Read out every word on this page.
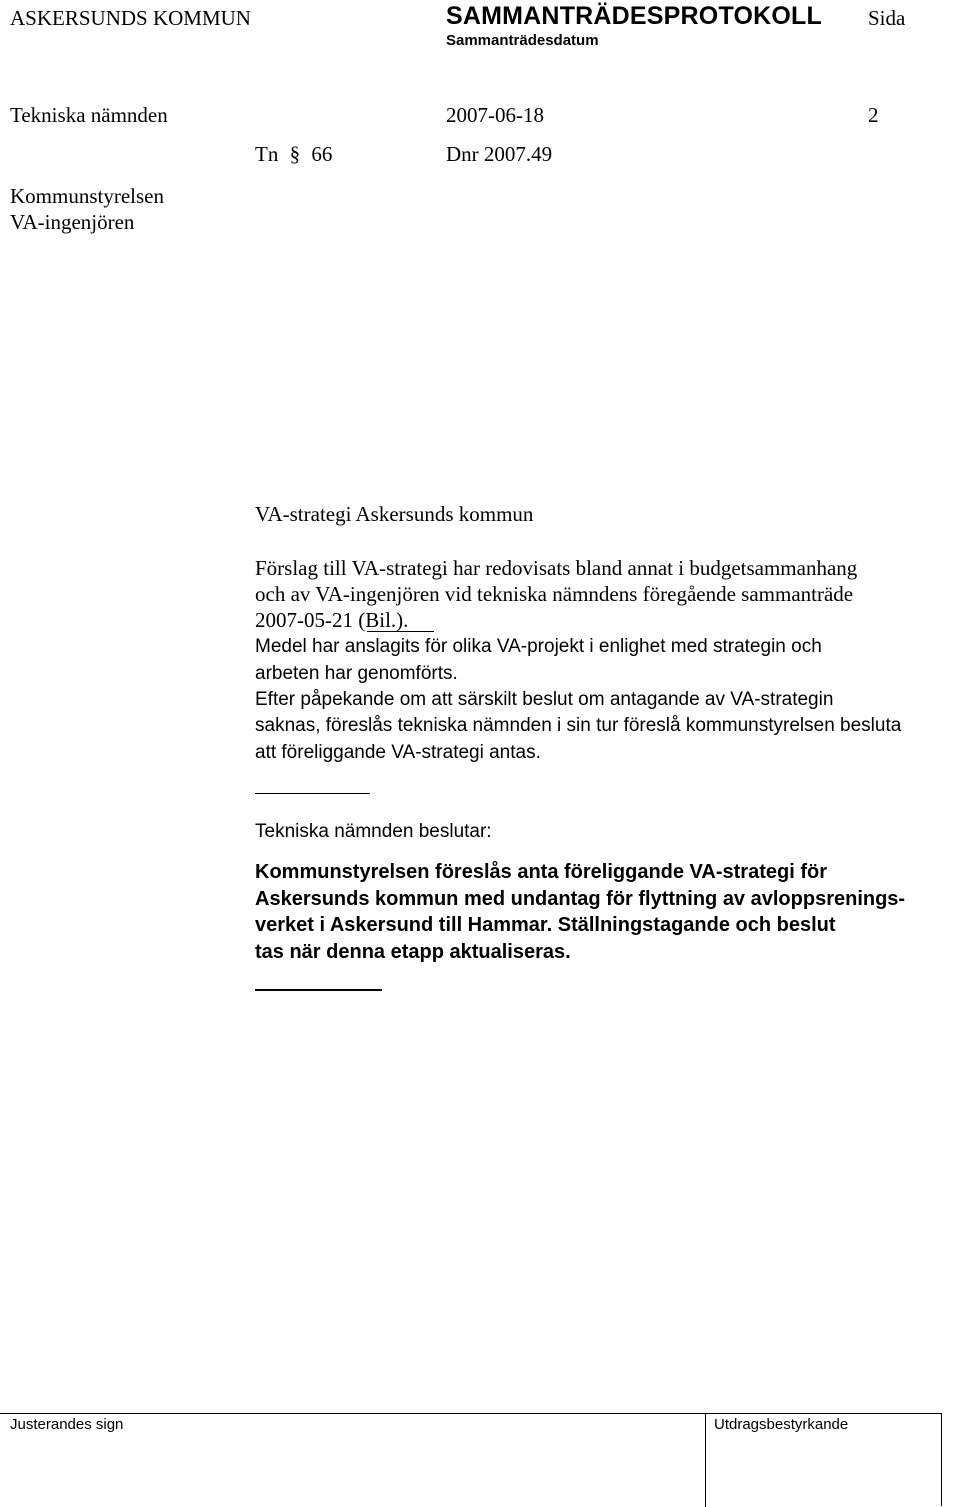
ASKERSUNDS KOMMUN	SAMMANTRÄDESPROTOKOLL Sida
Sammanträdesdatum
Tekniska nämnden	2007-06-18	2
Tn § 66	Dnr 2007.49
Kommunstyrelsen
VA-ingenjören
VA-strategi Askersunds kommun
Förslag till VA-strategi har redovisats bland annat i budgetsammanhang
och av VA-ingenjören vid tekniska nämndens föregående sammanträde
2007-05-21 (Bil.).
Medel har anslagits för olika VA-projekt i enlighet med strategin och
arbeten har genomförts.
Efter påpekande om att särskilt beslut om antagande av VA-strategin
saknas, föreslås tekniska nämnden i sin tur föreslå kommunstyrelsen besluta
att föreliggande VA-strategi antas.
Tekniska nämnden beslutar:
Kommunstyrelsen föreslås anta föreliggande VA-strategi för
Askersunds kommun med undantag för flyttning av avloppsrenings-
verket i Askersund till Hammar. Ställningstagande och beslut
tas när denna etapp aktualiseras.
Justerandes sign	Utdragsbestyrkande
